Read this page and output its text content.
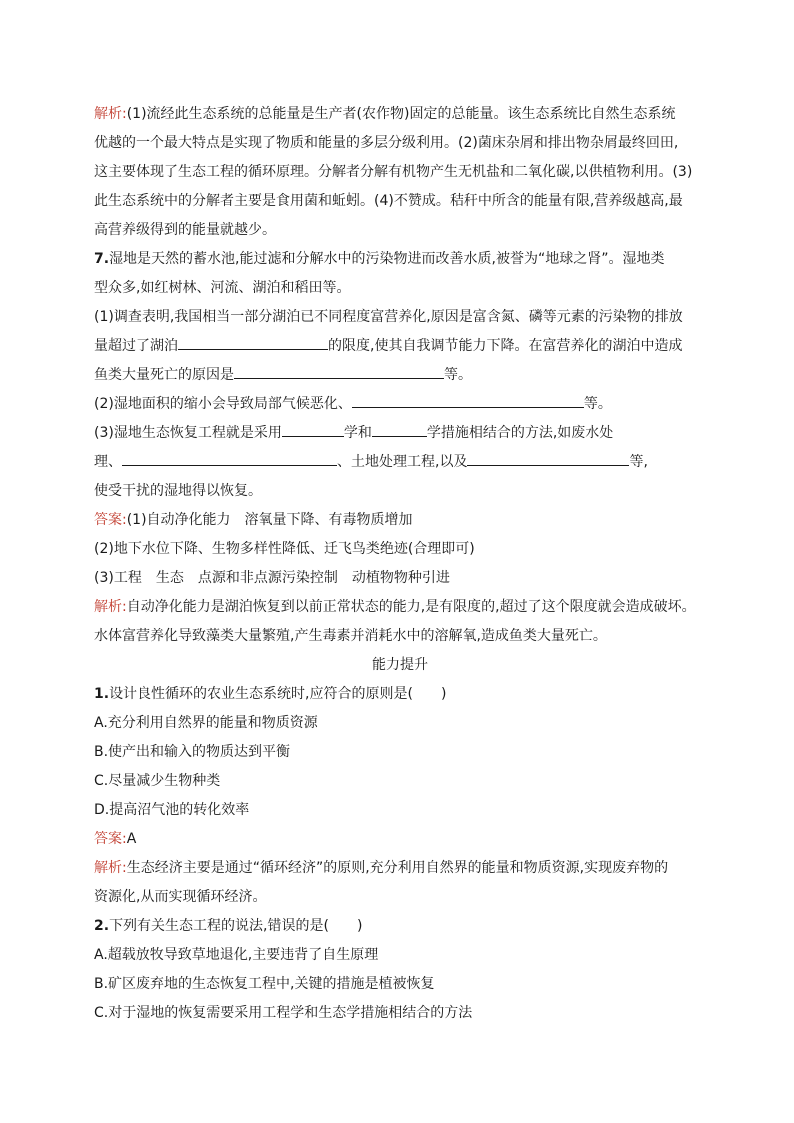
解析:(1)流经此生态系统的总能量是生产者(农作物)固定的总能量。该生态系统比自然生态系统
优越的一个最大特点是实现了物质和能量的多层分级利用。(2)菌床杂屑和排出物杂屑最终回田,
这主要体现了生态工程的循环原理。分解者分解有机物产生无机盐和二氧化碳,以供植物利用。(3)
此生态系统中的分解者主要是食用菌和蚯蚓。(4)不赞成。秸秆中所含的能量有限,营养级越高,最
高营养级得到的能量就越少。
7.湿地是天然的蓄水池,能过滤和分解水中的污染物进而改善水质,被誉为“地球之肾”。湿地类
型众多,如红树林、河流、湖泊和稻田等。
(1)调查表明,我国相当一部分湖泊已不同程度富营养化,原因是富含氮、磷等元素的污染物的排放
量超过了湖泊	的限度,使其自我调节能力下降。在富营养化的湖泊中造成
鱼类大量死亡的原因是	等。
(2)湿地面积的缩小会导致局部气候恶化、	等。
(3)湿地生态恢复工程就是采用	学和	学措施相结合的方法,如废水处
理、	、土地处理工程,以及	等,
使受干扰的湿地得以恢复。
答案:(1)自动净化能力　溶氧量下降、有毒物质增加
(2)地下水位下降、生物多样性降低、迁飞鸟类绝迹(合理即可)
(3)工程　生态　点源和非点源污染控制　动植物物种引进
解析:自动净化能力是湖泊恢复到以前正常状态的能力,是有限度的,超过了这个限度就会造成破坏。
水体富营养化导致藻类大量繁殖,产生毒素并消耗水中的溶解氧,造成鱼类大量死亡。
能力提升
1.设计良性循环的农业生态系统时,应符合的原则是(　　)
A.充分利用自然界的能量和物质资源
B.使产出和输入的物质达到平衡
C.尽量减少生物种类
D.提高沼气池的转化效率
答案:A
解析:生态经济主要是通过“循环经济”的原则,充分利用自然界的能量和物质资源,实现废弃物的
资源化,从而实现循环经济。
2.下列有关生态工程的说法,错误的是(　　)
A.超载放牧导致草地退化,主要违背了自生原理
B.矿区废弃地的生态恢复工程中,关键的措施是植被恢复
C.对于湿地的恢复需要采用工程学和生态学措施相结合的方法
